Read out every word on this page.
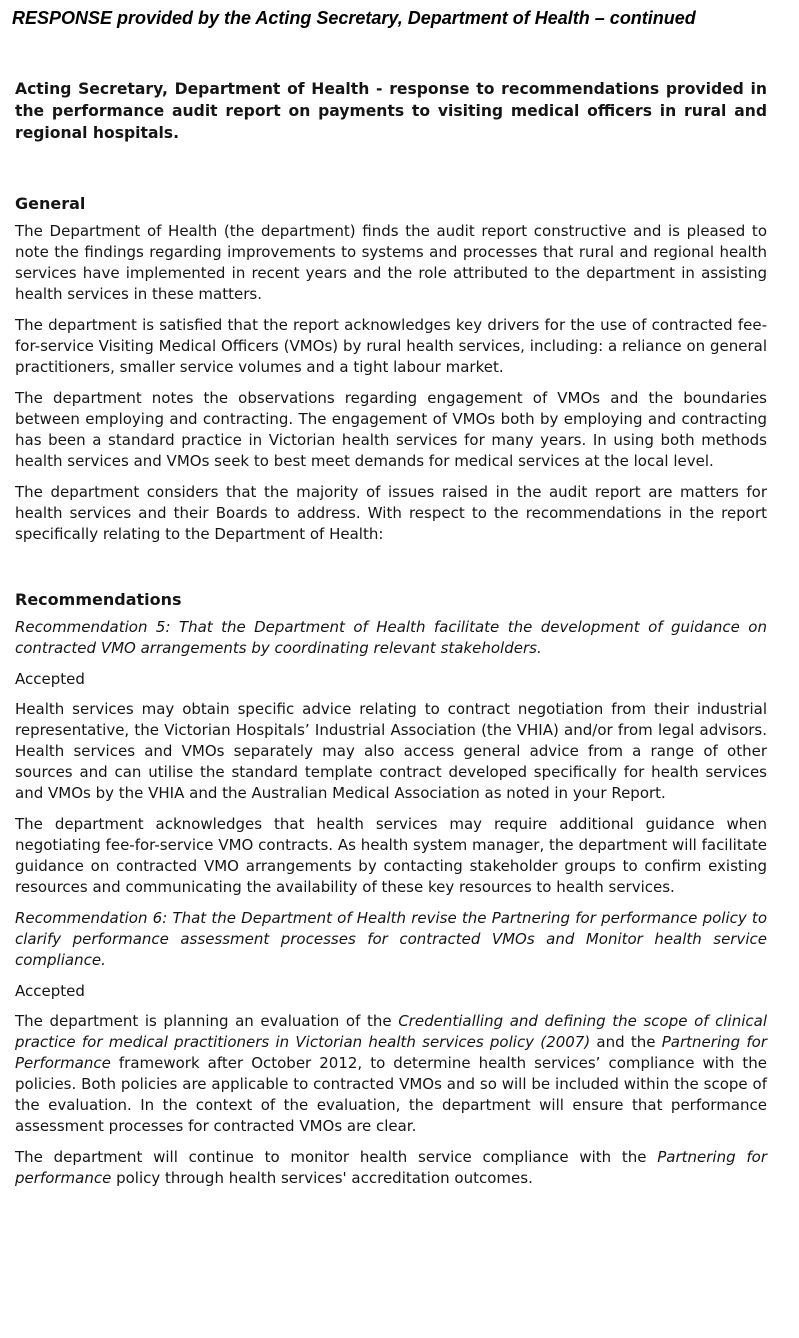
RESPONSE provided by the Acting Secretary, Department of Health – continued

Acting Secretary, Department of Health - response to recommendations provided in the performance audit report on payments to visiting medical officers in rural and regional hospitals.

General

The Department of Health (the department) finds the audit report constructive and is pleased to note the findings regarding improvements to systems and processes that rural and regional health services have implemented in recent years and the role attributed to the department in assisting health services in these matters.

The department is satisfied that the report acknowledges key drivers for the use of contracted fee-for-service Visiting Medical Officers (VMOs) by rural health services, including: a reliance on general practitioners, smaller service volumes and a tight labour market.

The department notes the observations regarding engagement of VMOs and the boundaries between employing and contracting. The engagement of VMOs both by employing and contracting has been a standard practice in Victorian health services for many years. In using both methods health services and VMOs seek to best meet demands for medical services at the local level.

The department considers that the majority of issues raised in the audit report are matters for health services and their Boards to address. With respect to the recommendations in the report specifically relating to the Department of Health:

Recommendations

Recommendation 5: That the Department of Health facilitate the development of guidance on contracted VMO arrangements by coordinating relevant stakeholders.

Accepted

Health services may obtain specific advice relating to contract negotiation from their industrial representative, the Victorian Hospitals’ Industrial Association (the VHIA) and/or from legal advisors. Health services and VMOs separately may also access general advice from a range of other sources and can utilise the standard template contract developed specifically for health services and VMOs by the VHIA and the Australian Medical Association as noted in your Report.

The department acknowledges that health services may require additional guidance when negotiating fee-for-service VMO contracts. As health system manager, the department will facilitate guidance on contracted VMO arrangements by contacting stakeholder groups to confirm existing resources and communicating the availability of these key resources to health services.

Recommendation 6: That the Department of Health revise the Partnering for performance policy to clarify performance assessment processes for contracted VMOs and Monitor health service compliance.

Accepted

The department is planning an evaluation of the Credentialling and defining the scope of clinical practice for medical practitioners in Victorian health services policy (2007) and the Partnering for Performance framework after October 2012, to determine health services’ compliance with the policies. Both policies are applicable to contracted VMOs and so will be included within the scope of the evaluation. In the context of the evaluation, the department will ensure that performance assessment processes for contracted VMOs are clear.

The department will continue to monitor health service compliance with the Partnering for performance policy through health services' accreditation outcomes.
